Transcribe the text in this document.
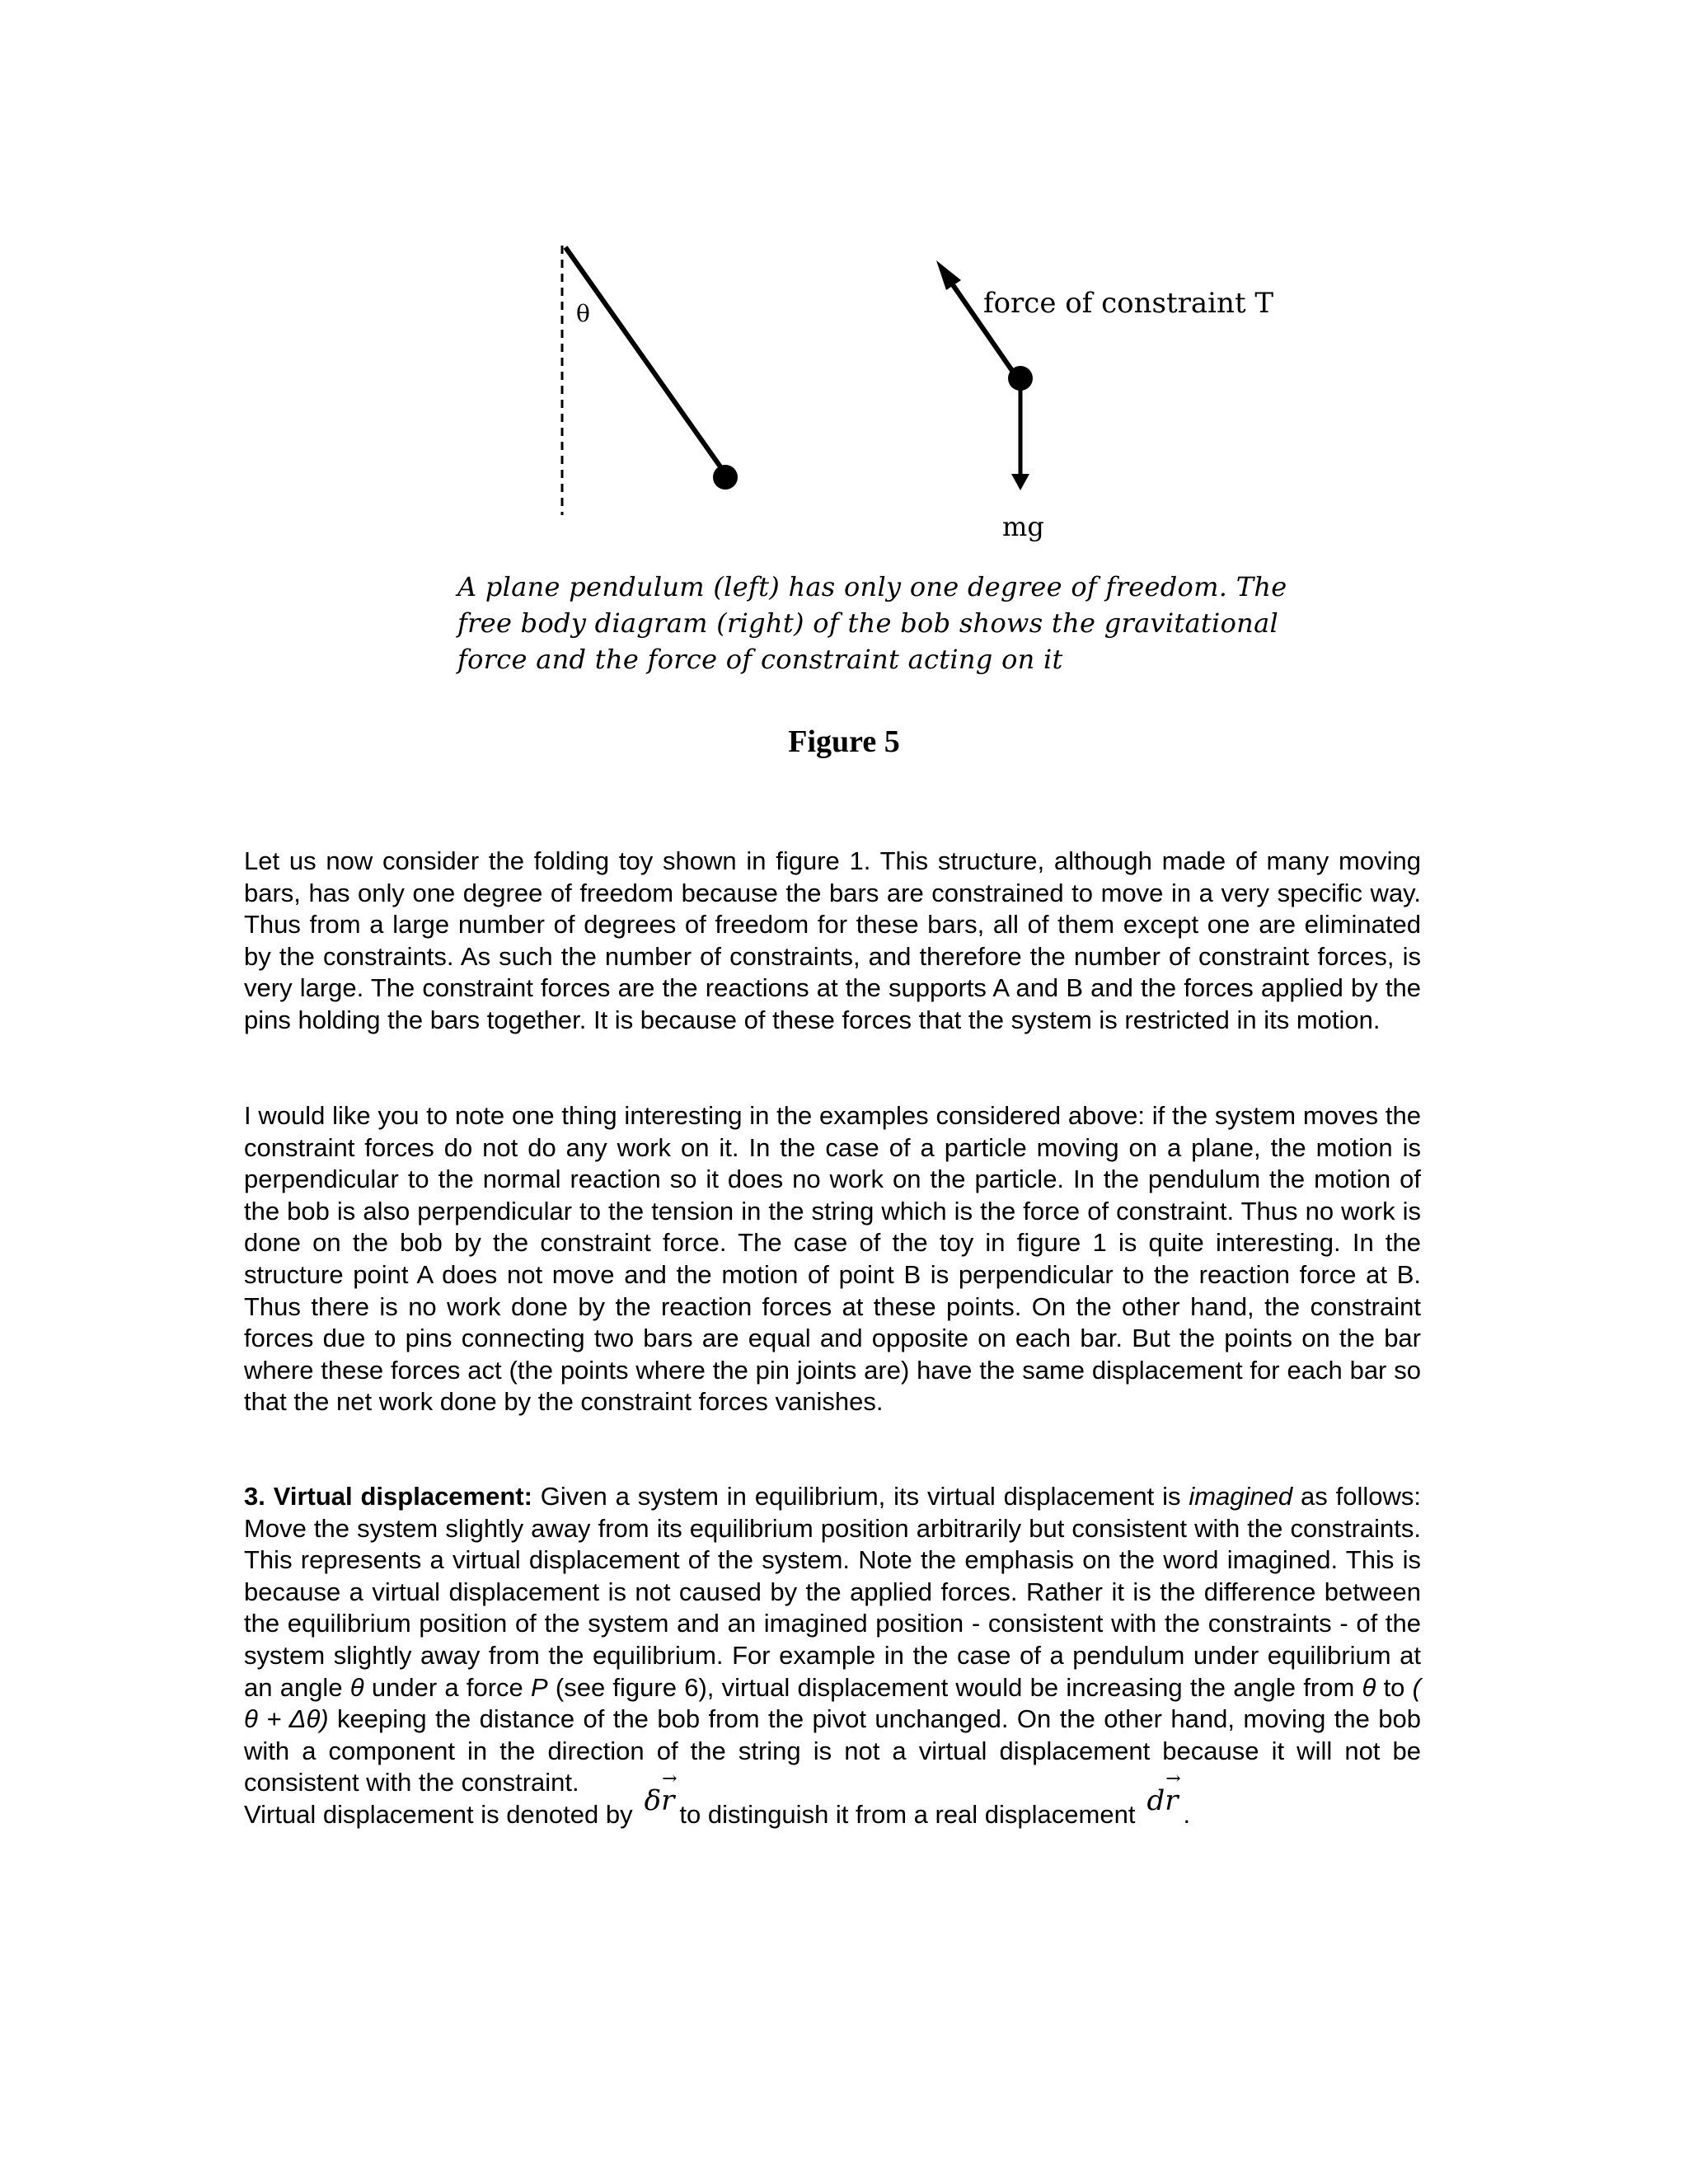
θ	force of constraint T
mg
A plane pendulum (left) has only one degree of freedom. The
free body diagram (right) of the bob shows the gravitational
force and the force of constraint acting on it
Figure 5

Let us now consider the folding toy shown in figure 1. This structure, although made of many moving bars, has only one degree of freedom because the bars are constrained to move in a very specific way. Thus from a large number of degrees of freedom for these bars, all of them except one are eliminated by the constraints. As such the number of constraints, and therefore the number of constraint forces, is very large. The constraint forces are the reactions at the supports A and B and the forces applied by the pins holding the bars together. It is because of these forces that the system is restricted in its motion.

I would like you to note one thing interesting in the examples considered above: if the system moves the constraint forces do not do any work on it. In the case of a particle moving on a plane, the motion is perpendicular to the normal reaction so it does no work on the particle. In the pendulum the motion of the bob is also perpendicular to the tension in the string which is the force of constraint. Thus no work is done on the bob by the constraint force. The case of the toy in figure 1 is quite interesting. In the structure point A does not move and the motion of point B is perpendicular to the reaction force at B. Thus there is no work done by the reaction forces at these points. On the other hand, the constraint forces due to pins connecting two bars are equal and opposite on each bar. But the points on the bar where these forces act (the points where the pin joints are) have the same displacement for each bar so that the net work done by the constraint forces vanishes.

3. Virtual displacement: Given a system in equilibrium, its virtual displacement is imagined as follows: Move the system slightly away from its equilibrium position arbitrarily but consistent with the constraints. This represents a virtual displacement of the system. Note the emphasis on the word imagined. This is because a virtual displacement is not caused by the applied forces. Rather it is the difference between the equilibrium position of the system and an imagined position - consistent with the constraints - of the system slightly away from the equilibrium. For example in the case of a pendulum under equilibrium at an angle θ under a force P (see figure 6), virtual displacement would be increasing the angle from θ to ( θ + Δθ) keeping the distance of the bob from the pivot unchanged. On the other hand, moving the bob with a component in the direction of the string is not a virtual displacement because it will not be consistent with the constraint.
Virtual displacement is denoted by δr → to distinguish it from a real displacement dr → .
